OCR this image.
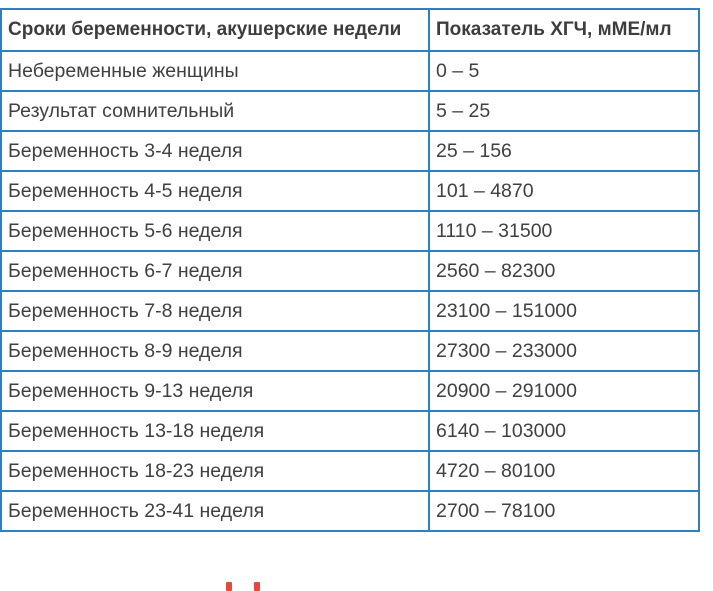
Сроки беременности, акушерские недели	Показатель ХГЧ, мМЕ/мл
Небеременные женщины	0 – 5
Результат сомнительный	5 – 25
Беременность 3-4 неделя	25 – 156
Беременность 4-5 неделя	101 – 4870
Беременность 5-6 неделя	1110 – 31500
Беременность 6-7 неделя	2560 – 82300
Беременность 7-8 неделя	23100 – 151000
Беременность 8-9 неделя	27300 – 233000
Беременность 9-13 неделя	20900 – 291000
Беременность 13-18 неделя	6140 – 103000
Беременность 18-23 неделя	4720 – 80100
Беременность 23-41 неделя	2700 – 78100
